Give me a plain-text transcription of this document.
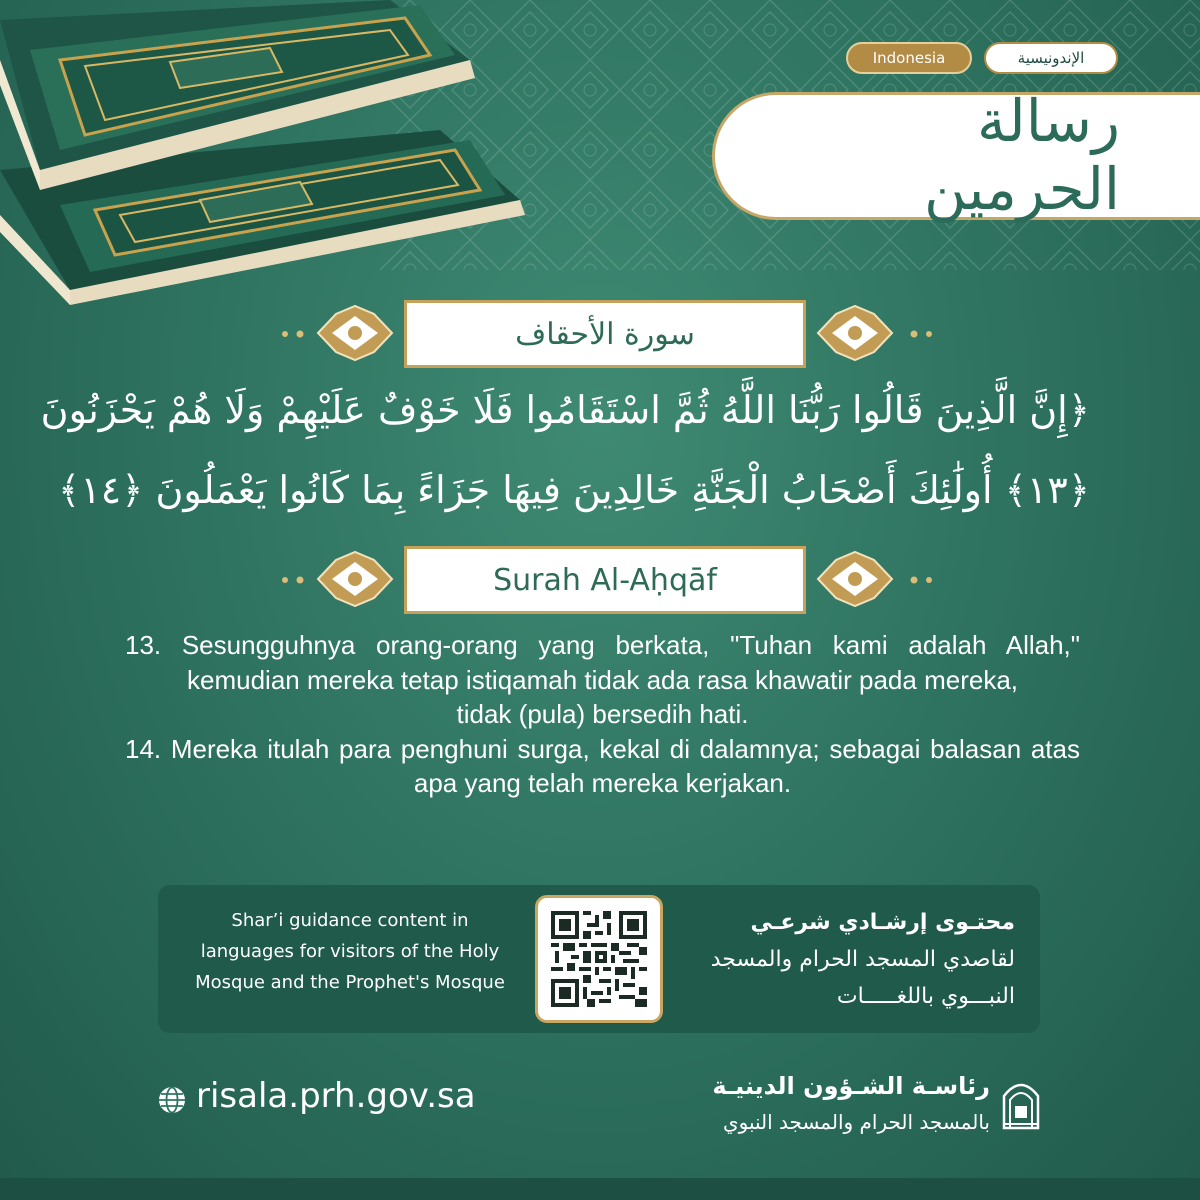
Indonesia	الإندونيسية
رسالة الحرمين
سورة الأحقاف
﴿إِنَّ الَّذِينَ قَالُوا رَبُّنَا اللَّهُ ثُمَّ اسْتَقَامُوا فَلَا خَوْفٌ عَلَيْهِمْ وَلَا هُمْ يَحْزَنُونَ
﴿١٣﴾ أُولَٰئِكَ أَصْحَابُ الْجَنَّةِ خَالِدِينَ فِيهَا جَزَاءً بِمَا كَانُوا يَعْمَلُونَ ﴿١٤﴾
Surah Al-Aḥqāf

13. Sesungguhnya orang-orang yang berkata, "Tuhan kami adalah Allah," kemudian mereka tetap istiqamah tidak ada rasa khawatir pada mereka,

tidak (pula) bersedih hati.

14. Mereka itulah para penghuni surga, kekal di dalamnya; sebagai balasan atas apa yang telah mereka kerjakan.

Shar’i guidance content in
languages for visitors of the Holy
Mosque and the Prophet's Mosque
محتـوى إرشـادي شرعـي
لقاصدي المسجد الحرام والمسجد
النبـــوي باللغـــــات
risala.prh.gov.sa	رئاسـة الشـؤون الدينيـة
بالمسجد الحرام والمسجد النبوي
